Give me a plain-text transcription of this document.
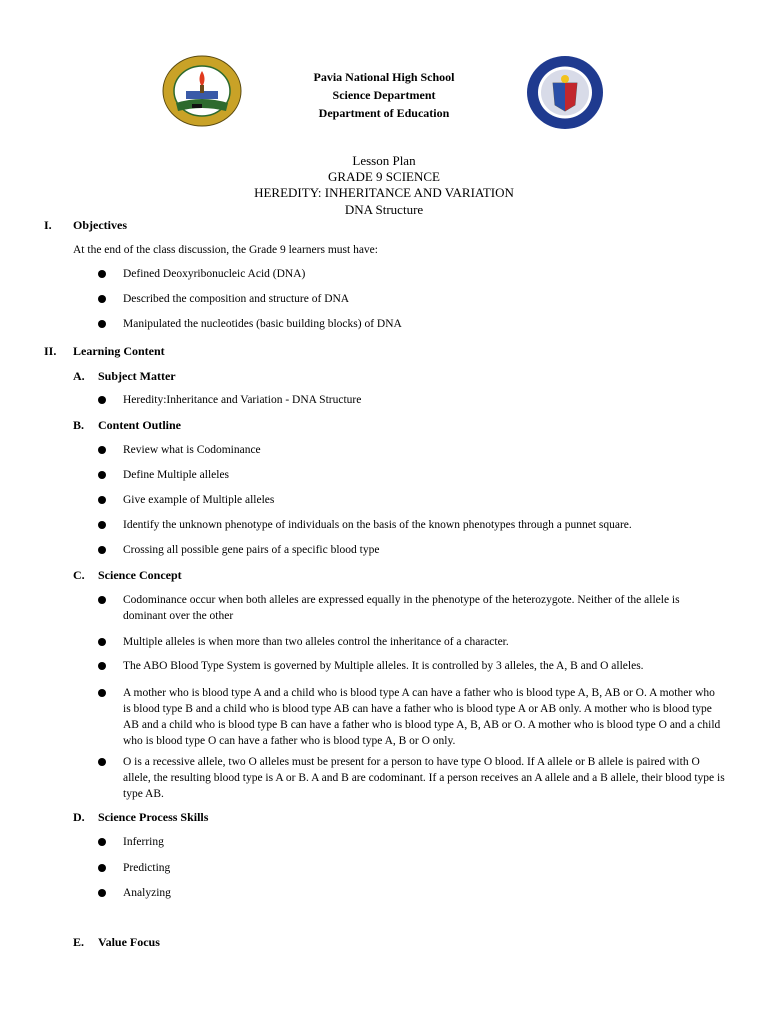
Pavia National High School
Science Department
Department of Education
Lesson Plan
GRADE 9 SCIENCE
HEREDITY: INHERITANCE AND VARIATION
DNA Structure
I. Objectives
At the end of the class discussion, the Grade 9 learners must have:
Defined Deoxyribonucleic Acid (DNA)
Described the composition and structure of DNA
Manipulated the nucleotides (basic building blocks) of DNA
II. Learning Content
A. Subject Matter
Heredity:Inheritance and Variation - DNA Structure
B. Content Outline
Review what is Codominance
Define Multiple alleles
Give example of Multiple alleles
Identify the unknown phenotype of individuals on the basis of the known phenotypes through a punnet square.
Crossing all possible gene pairs of a specific blood type
C. Science Concept
Codominance occur when both alleles are expressed equally in the phenotype of the heterozygote. Neither of the allele is dominant over the other
Multiple alleles is when more than two alleles control the inheritance of a character.
The ABO Blood Type System is governed by Multiple alleles. It is controlled by 3 alleles, the A, B and O alleles.
A mother who is blood type A and a child who is blood type A can have a father who is blood type A, B, AB or O. A mother who is blood type B and a child who is blood type AB can have a father who is blood type A or AB only. A mother who is blood type AB and a child who is blood type B can have a father who is blood type A, B, AB or O. A mother who is blood type O and a child who is blood type O can have a father who is blood type A, B or O only.
O is a recessive allele, two O alleles must be present for a person to have type O blood. If A allele or B allele is paired with O allele, the resulting blood type is A or B. A and B are codominant. If a person receives an A allele and a B allele, their blood type is type AB.
D. Science Process Skills
Inferring
Predicting
Analyzing
E. Value Focus
